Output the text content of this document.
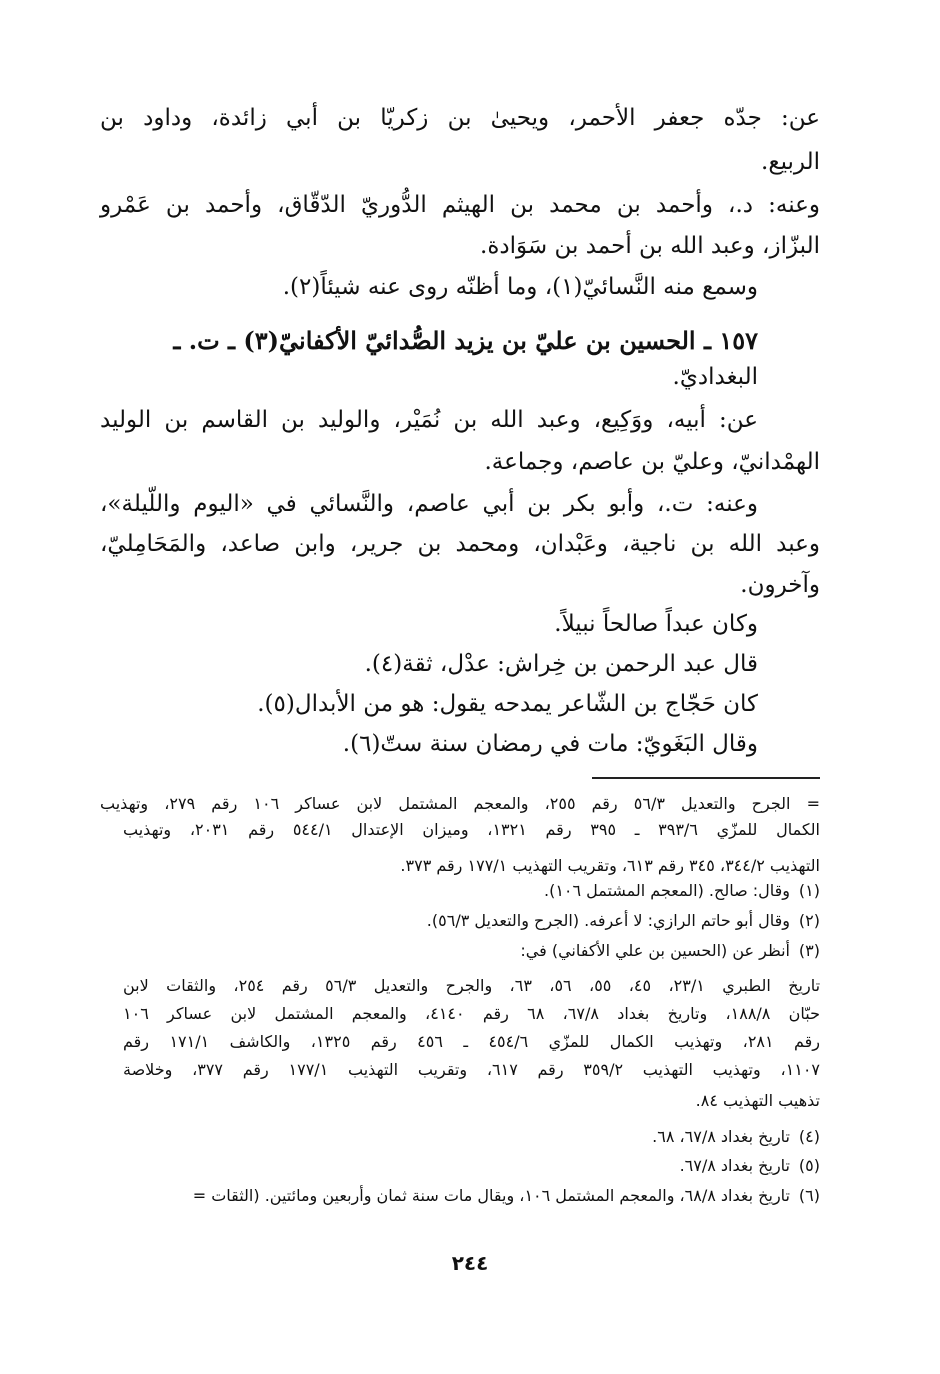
عن: جدّه جعفر الأحمر، ويحيىٰ بن زكريّا بن أبي زائدة، وداود بن
الربيع.
وعنه: د.، وأحمد بن محمد بن الهيثم الدُّوريّ الدّقّاق، وأحمد بن عَمْرو
البزّاز، وعبد الله بن أحمد بن سَوَادة.
وسمع منه النَّسائيّ(١)، وما أظنّه روى عنه شيئاً(٢).
١٥٧ ـ الحسين بن عليّ بن يزيد الصُّدائيّ الأكفانيّ(٣) ـ ت. ـ
البغداديّ.
عن: أبيه، ووَكِيع، وعبد الله بن نُمَيْر، والوليد بن القاسم بن الوليد
الهمْدانيّ، وعليّ بن عاصم، وجماعة.
وعنه: ت.، وأبو بكر بن أبي عاصم، والنَّسائي في «اليوم واللّيلة»،
وعبد الله بن ناجية، وعَبْدان، ومحمد بن جرير، وابن صاعد، والمَحَامِليّ،
وآخرون.
وكان عبداً صالحاً نبيلاً.
قال عبد الرحمن بن خِراش: عدْل، ثقة(٤).
كان حَجّاج بن الشّاعر يمدحه يقول: هو من الأبدال(٥).
وقال البَغَويّ: مات في رمضان سنة ستّ(٦).
= الجرح والتعديل ٥٦/٣ رقم ٢٥٥، والمعجم المشتمل لابن عساكر ١٠٦ رقم ٢٧٩، وتهذيب
الكمال للمزّي ٣٩٣/٦ ـ ٣٩٥ رقم ١٣٢١، وميزان الإعتدال ٥٤٤/١ رقم ٢٠٣١، وتهذيب
التهذيب ٣٤٤/٢، ٣٤٥ رقم ٦١٣، وتقريب التهذيب ١٧٧/١ رقم ٣٧٣.
(١)وقال: صالح. (المعجم المشتمل ١٠٦).
(٢)وقال أبو حاتم الرازي: لا أعرفه. (الجرح والتعديل ٥٦/٣).
(٣)أنظر عن (الحسين بن علي الأكفاني) في:
تاريخ الطبري ٢٣/١، ٤٥، ٥٥، ٥٦، ٦٣، والجرح والتعديل ٥٦/٣ رقم ٢٥٤، والثقات لابن
حبّان ١٨٨/٨، وتاريخ بغداد ٦٧/٨، ٦٨ رقم ٤١٤٠، والمعجم المشتمل لابن عساكر ١٠٦
رقم ٢٨١، وتهذيب الكمال للمزّي ٤٥٤/٦ ـ ٤٥٦ رقم ١٣٢٥، والكاشف ١٧١/١ رقم
١١٠٧، وتهذيب التهذيب ٣٥٩/٢ رقم ٦١٧، وتقريب التهذيب ١٧٧/١ رقم ٣٧٧، وخلاصة
تذهيب التهذيب ٨٤.
(٤)تاريخ بغداد ٦٧/٨، ٦٨.
(٥)تاريخ بغداد ٦٧/٨.
(٦)تاريخ بغداد ٦٨/٨، والمعجم المشتمل ١٠٦، ويقال مات سنة ثمان وأربعين ومائتين. (الثقات =
٢٤٤
